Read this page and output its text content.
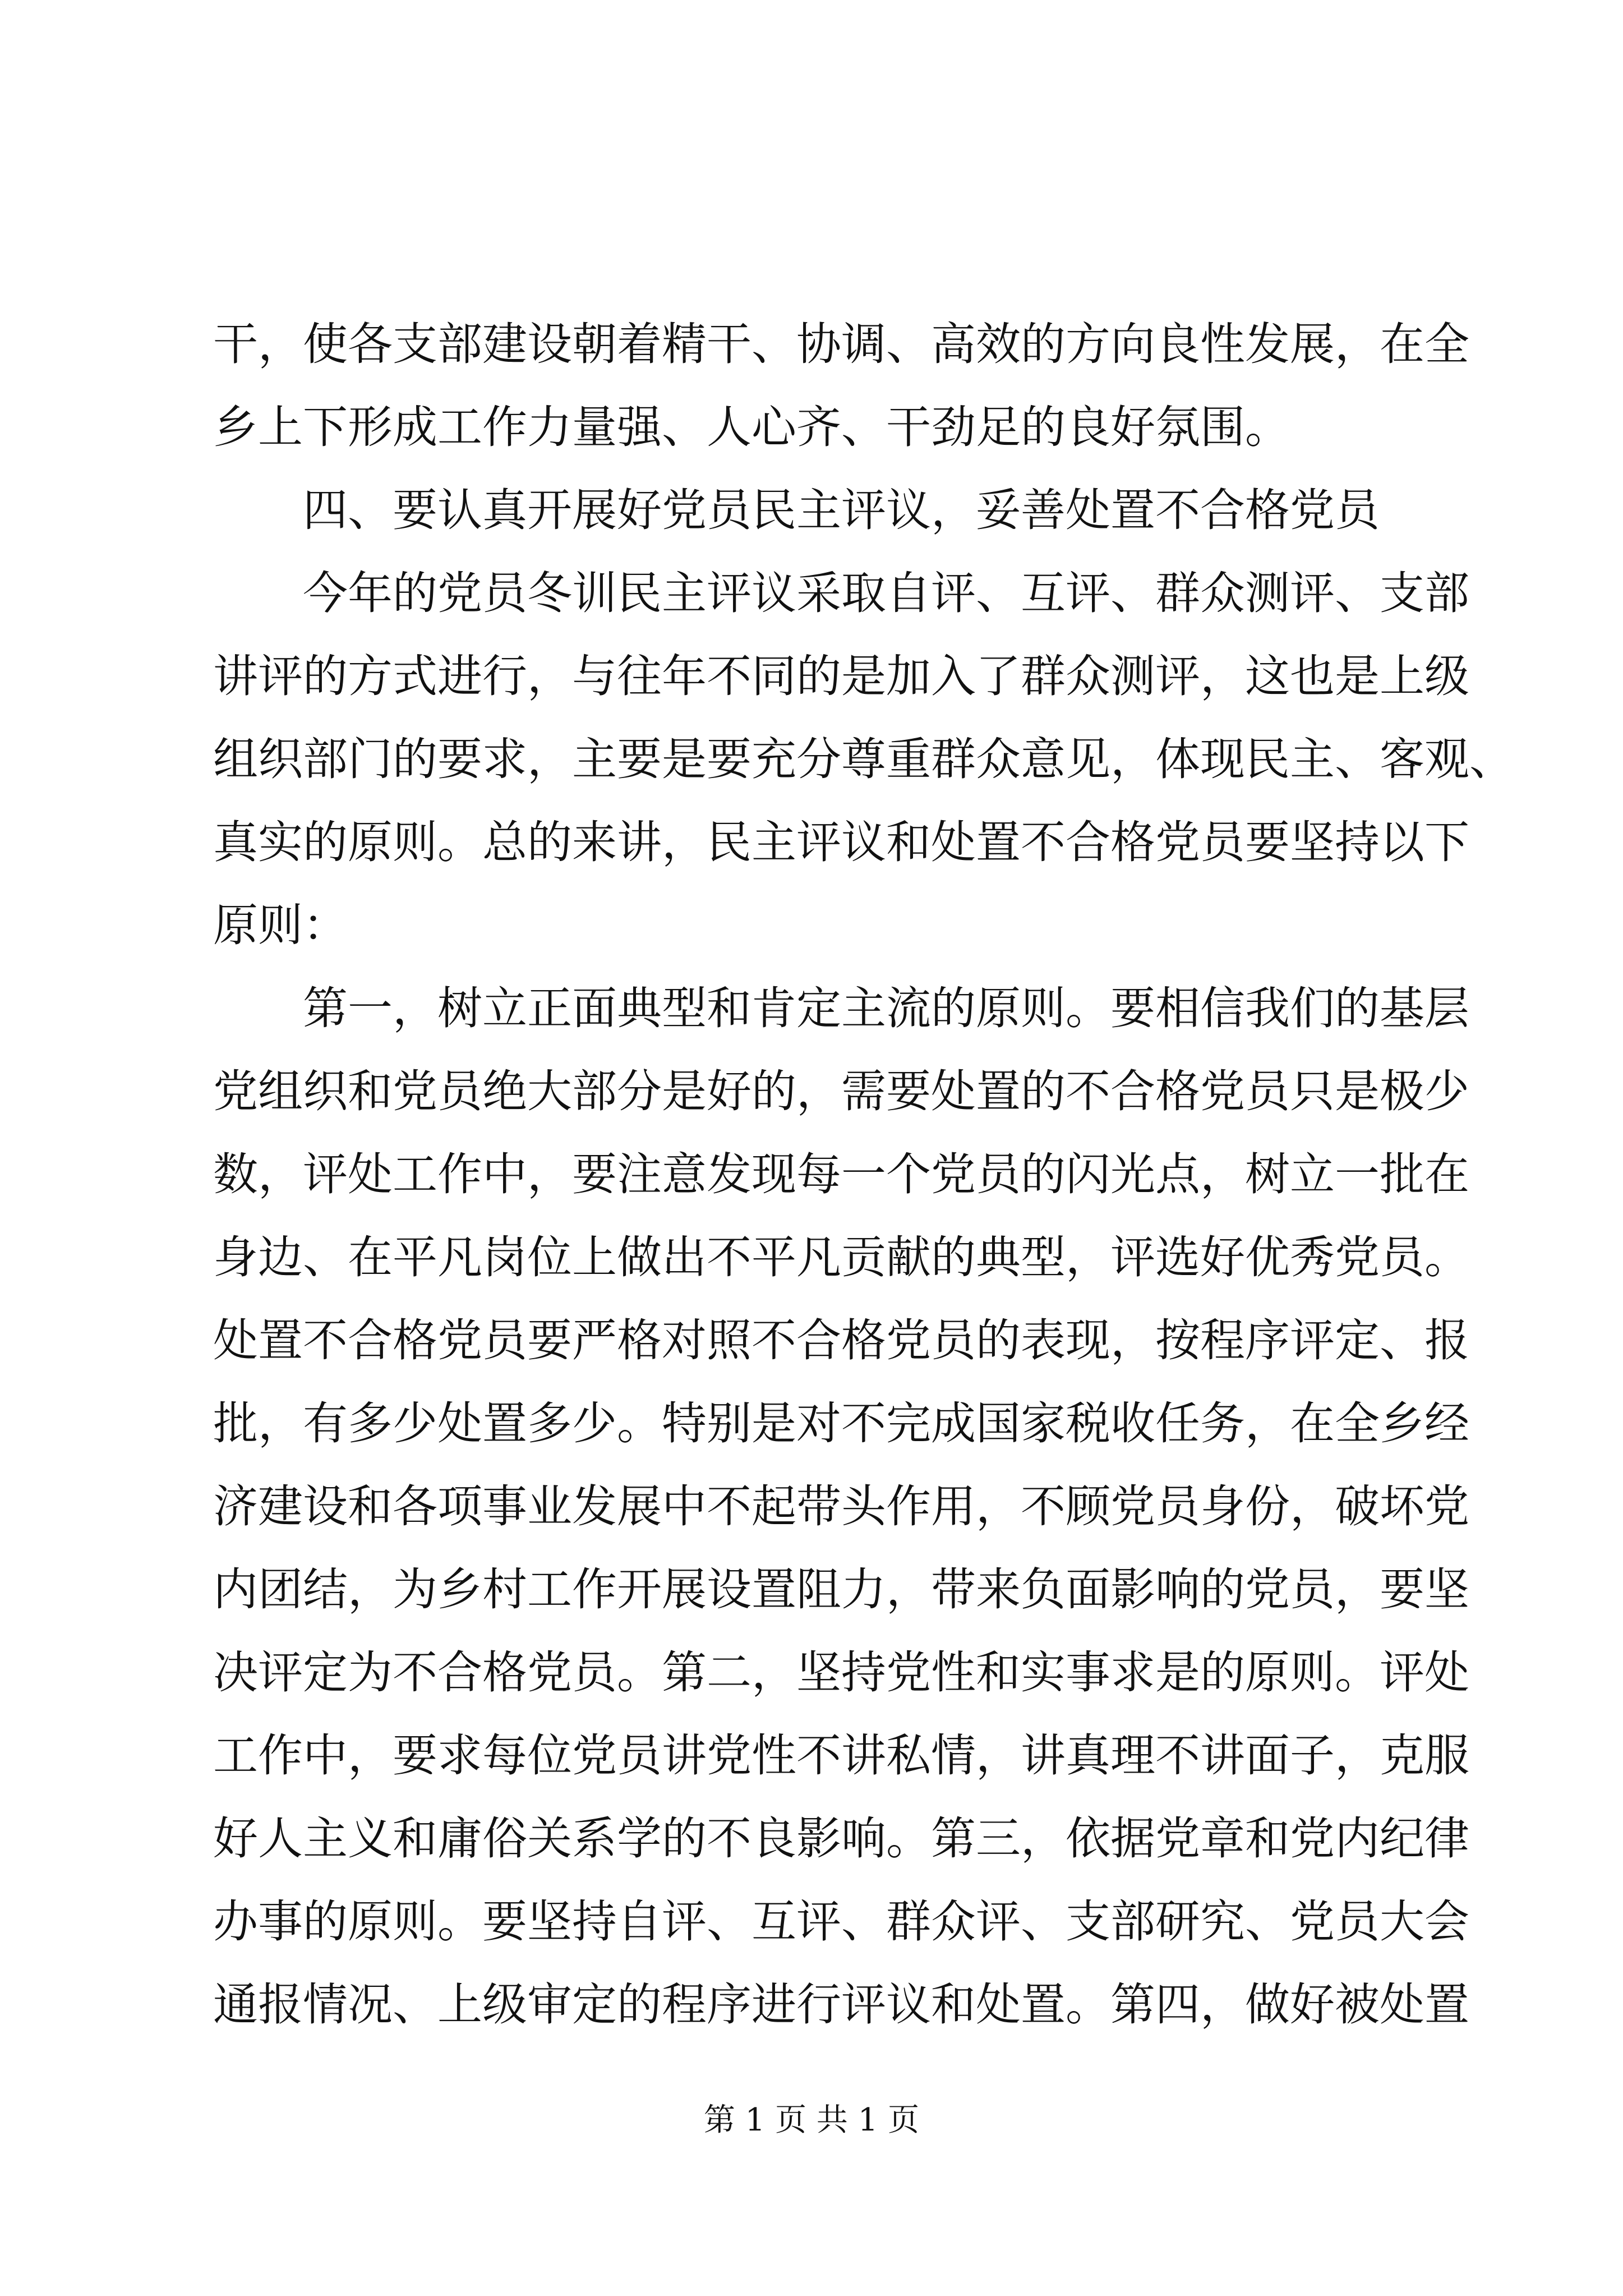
干，使各支部建设朝着精干、协调、高效的方向良性发展，在全
乡上下形成工作力量强、人心齐、干劲足的良好氛围。
四、要认真开展好党员民主评议，妥善处置不合格党员
今年的党员冬训民主评议采取自评、互评、群众测评、支部
讲评的方式进行，与往年不同的是加入了群众测评，这也是上级
组织部门的要求，主要是要充分尊重群众意见，体现民主、客观、
真实的原则。总的来讲，民主评议和处置不合格党员要坚持以下
原则：
第一，树立正面典型和肯定主流的原则。要相信我们的基层
党组织和党员绝大部分是好的，需要处置的不合格党员只是极少
数，评处工作中，要注意发现每一个党员的闪光点，树立一批在
身边、在平凡岗位上做出不平凡贡献的典型，评选好优秀党员。
处置不合格党员要严格对照不合格党员的表现，按程序评定、报
批，有多少处置多少。特别是对不完成国家税收任务，在全乡经
济建设和各项事业发展中不起带头作用，不顾党员身份，破坏党
内团结，为乡村工作开展设置阻力，带来负面影响的党员，要坚
决评定为不合格党员。第二，坚持党性和实事求是的原则。评处
工作中，要求每位党员讲党性不讲私情，讲真理不讲面子，克服
好人主义和庸俗关系学的不良影响。第三，依据党章和党内纪律
办事的原则。要坚持自评、互评、群众评、支部研究、党员大会
通报情况、上级审定的程序进行评议和处置。第四，做好被处置
第 1 页 共 1 页
